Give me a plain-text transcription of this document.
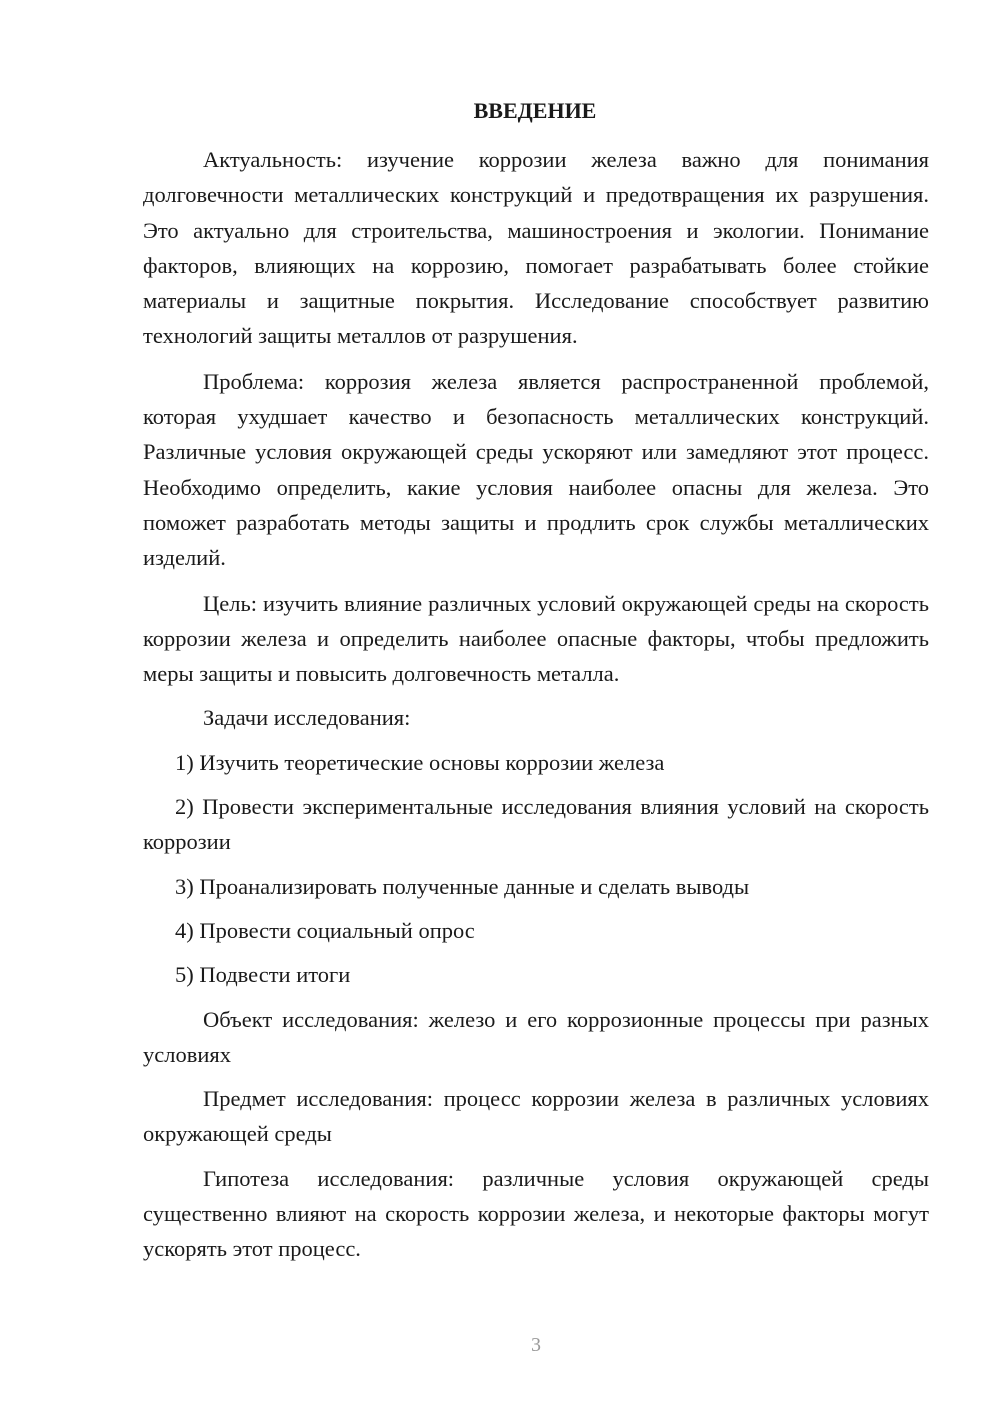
ВВЕДЕНИЕ

Актуальность: изучение коррозии железа важно для понимания долговечности металлических конструкций и предотвращения их разрушения. Это актуально для строительства, машиностроения и экологии. Понимание факторов, влияющих на коррозию, помогает разрабатывать более стойкие материалы и защитные покрытия. Исследование способствует развитию технологий защиты металлов от разрушения.

Проблема: коррозия железа является распространенной проблемой, которая ухудшает качество и безопасность металлических конструкций. Различные условия окружающей среды ускоряют или замедляют этот процесс. Необходимо определить, какие условия наиболее опасны для железа. Это поможет разработать методы защиты и продлить срок службы металлических изделий.

Цель: изучить влияние различных условий окружающей среды на скорость коррозии железа и определить наиболее опасные факторы, чтобы предложить меры защиты и повысить долговечность металла.

Задачи исследования:

1) Изучить теоретические основы коррозии железа

2) Провести экспериментальные исследования влияния условий на скорость коррозии

3) Проанализировать полученные данные и сделать выводы

4) Провести социальный опрос

5) Подвести итоги

Объект исследования: железо и его коррозионные процессы при разных условиях

Предмет исследования: процесс коррозии железа в различных условиях окружающей среды

Гипотеза исследования: различные условия окружающей среды существенно влияют на скорость коррозии железа, и некоторые факторы могут ускорять этот процесс.

3
